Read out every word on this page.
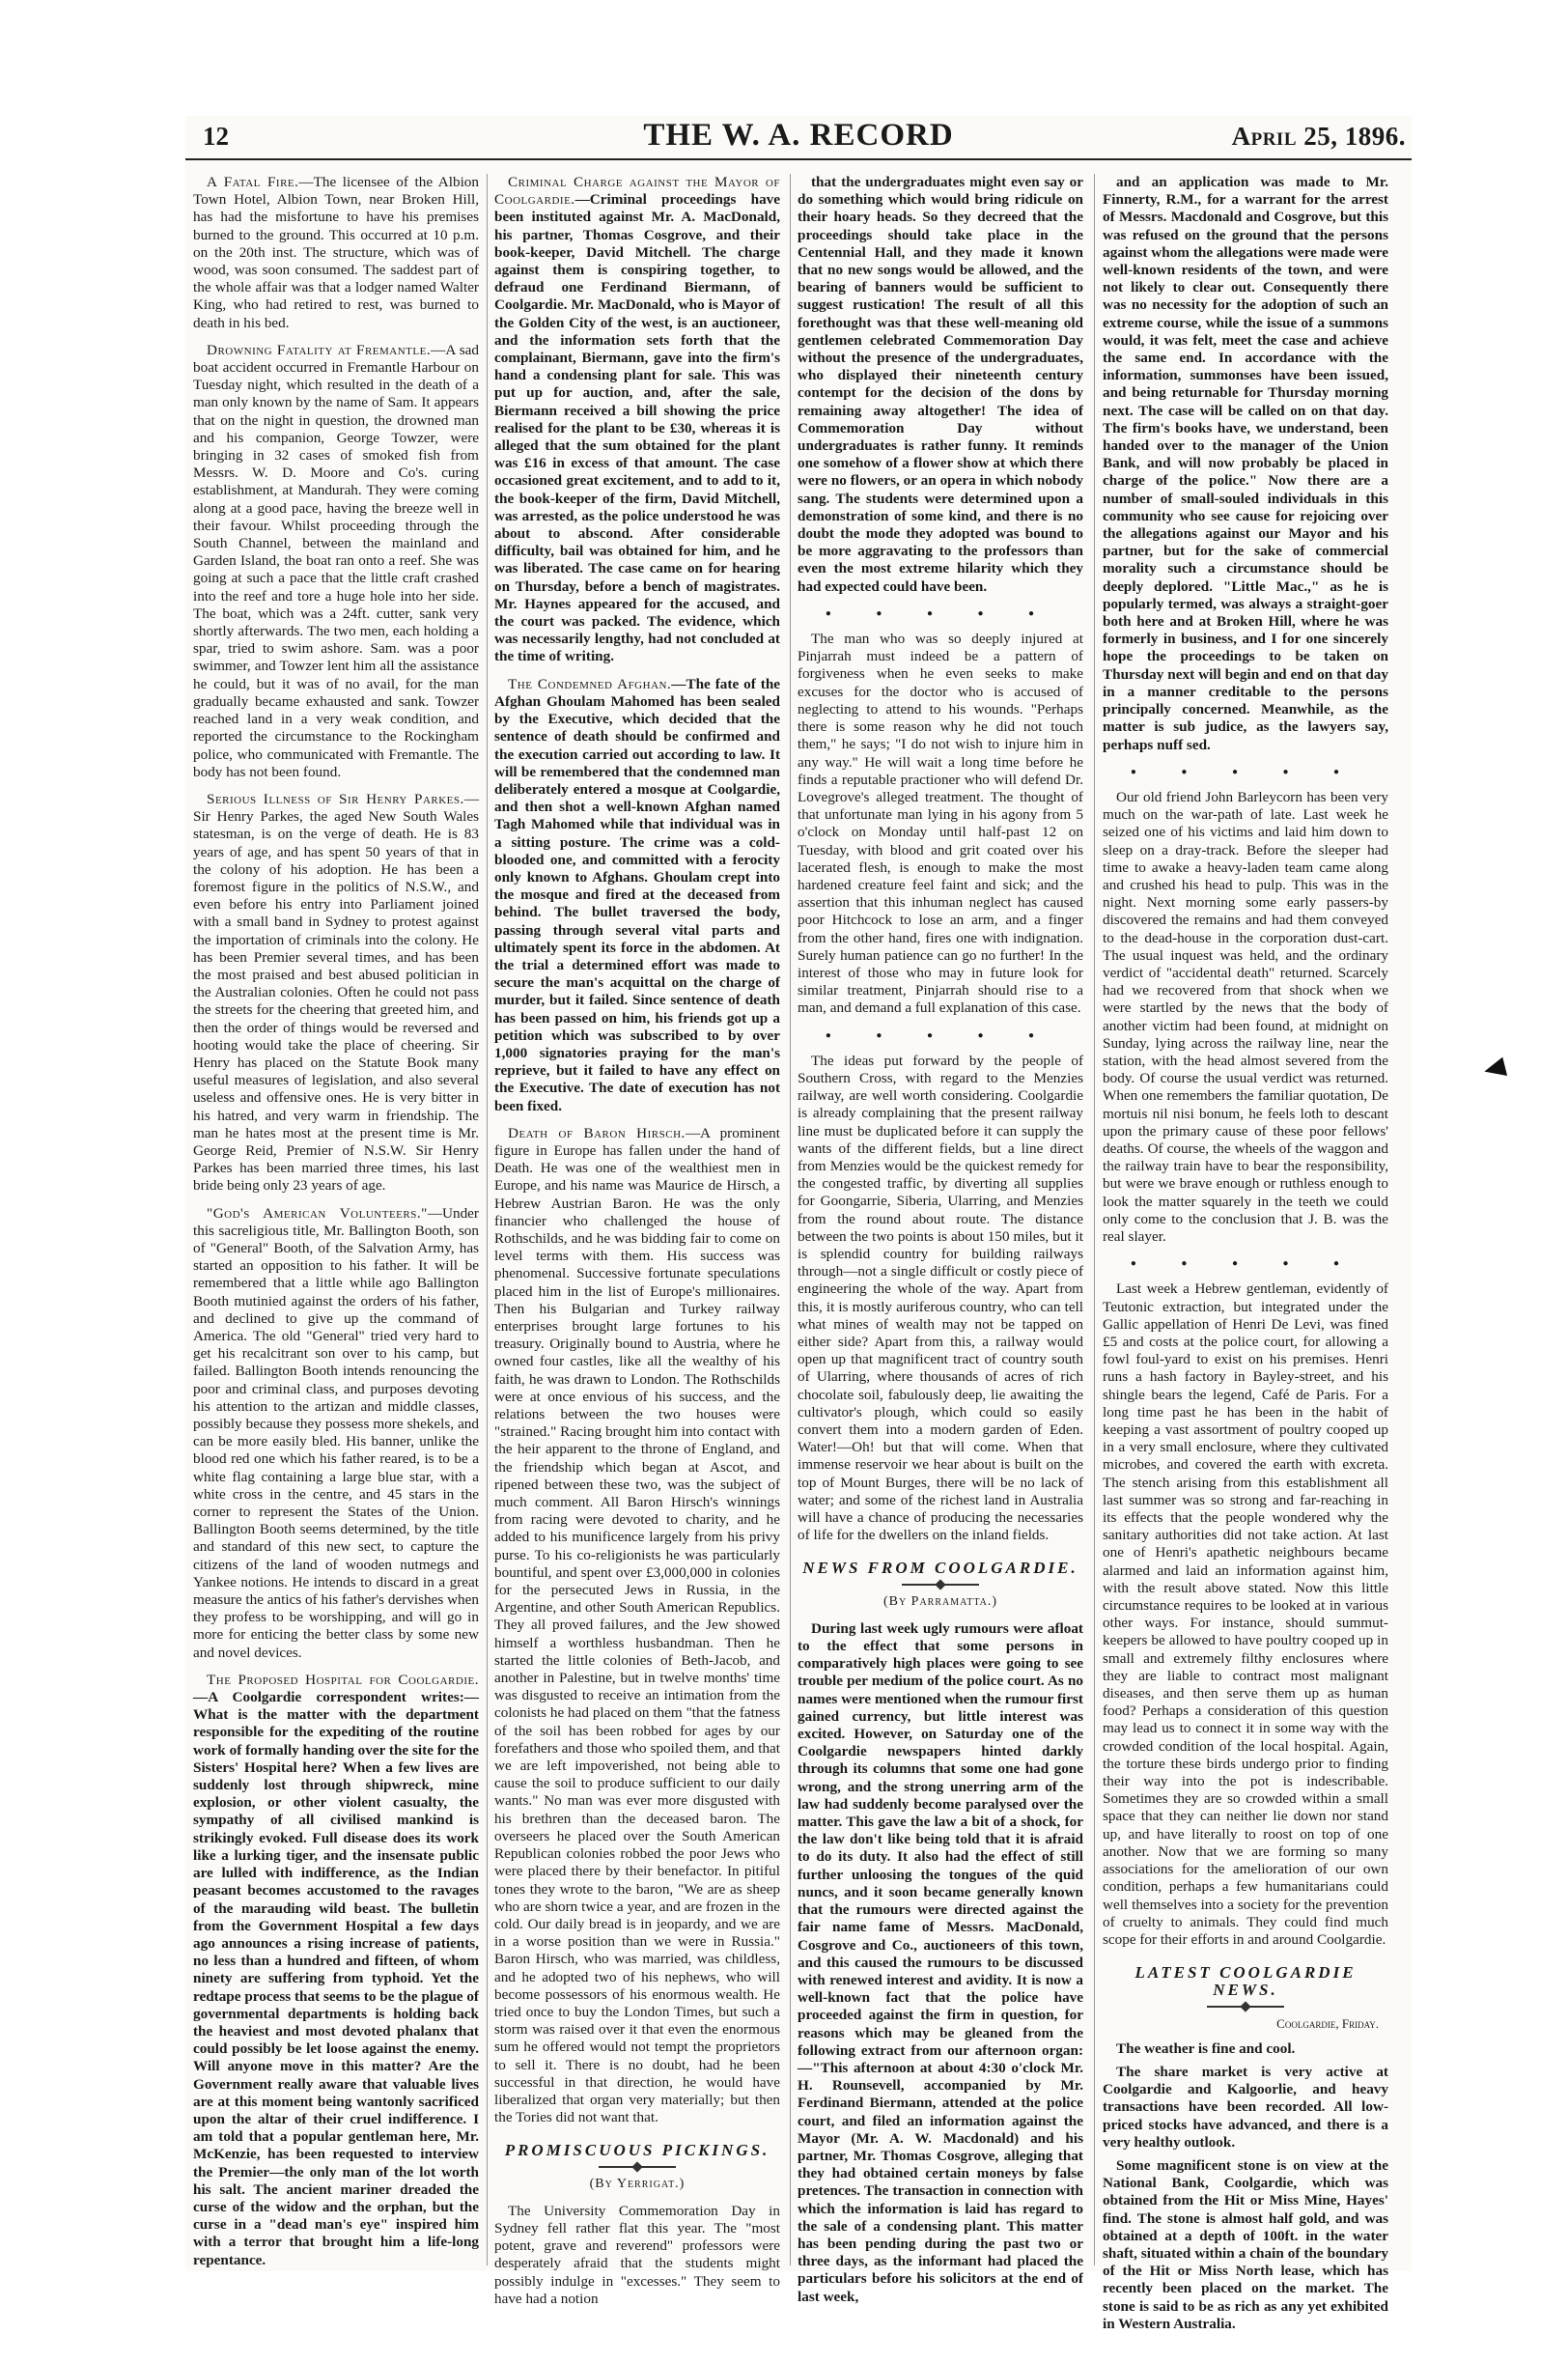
12	THE W. A. RECORD	April 25, 1896.

A Fatal Fire.—The licensee of the Albion Town Hotel, Albion Town, near Broken Hill, has had the misfortune to have his premises burned to the ground. This occurred at 10 p.m. on the 20th inst. The structure, which was of wood, was soon consumed. The saddest part of the whole affair was that a lodger named Walter King, who had retired to rest, was burned to death in his bed.

Drowning Fatality at Fremantle.—A sad boat accident occurred in Fremantle Harbour on Tuesday night, which resulted in the death of a man only known by the name of Sam. It appears that on the night in question, the drowned man and his companion, George Towzer, were bringing in 32 cases of smoked fish from Messrs. W. D. Moore and Co's. curing establishment, at Mandurah. They were coming along at a good pace, having the breeze well in their favour. Whilst proceeding through the South Channel, between the mainland and Garden Island, the boat ran onto a reef. She was going at such a pace that the little craft crashed into the reef and tore a huge hole into her side. The boat, which was a 24ft. cutter, sank very shortly afterwards. The two men, each holding a spar, tried to swim ashore. Sam. was a poor swimmer, and Towzer lent him all the assistance he could, but it was of no avail, for the man gradually became exhausted and sank. Towzer reached land in a very weak condition, and reported the circumstance to the Rockingham police, who communicated with Fremantle. The body has not been found.

Serious Illness of Sir Henry Parkes.—Sir Henry Parkes, the aged New South Wales statesman, is on the verge of death. He is 83 years of age, and has spent 50 years of that in the colony of his adoption. He has been a foremost figure in the politics of N.S.W., and even before his entry into Parliament joined with a small band in Sydney to protest against the importation of criminals into the colony. He has been Premier several times, and has been the most praised and best abused politician in the Australian colonies. Often he could not pass the streets for the cheering that greeted him, and then the order of things would be reversed and hooting would take the place of cheering. Sir Henry has placed on the Statute Book many useful measures of legislation, and also several useless and offensive ones. He is very bitter in his hatred, and very warm in friendship. The man he hates most at the present time is Mr. George Reid, Premier of N.S.W. Sir Henry Parkes has been married three times, his last bride being only 23 years of age.

"God's American Volunteers."—Under this sacreligious title, Mr. Ballington Booth, son of "General" Booth, of the Salvation Army, has started an opposition to his father. It will be remembered that a little while ago Ballington Booth mutinied against the orders of his father, and declined to give up the command of America. The old "General" tried very hard to get his recalcitrant son over to his camp, but failed. Ballington Booth intends renouncing the poor and criminal class, and purposes devoting his attention to the artizan and middle classes, possibly because they possess more shekels, and can be more easily bled. His banner, unlike the blood red one which his father reared, is to be a white flag containing a large blue star, with a white cross in the centre, and 45 stars in the corner to represent the States of the Union. Ballington Booth seems determined, by the title and standard of this new sect, to capture the citizens of the land of wooden nutmegs and Yankee notions. He intends to discard in a great measure the antics of his father's dervishes when they profess to be worshipping, and will go in more for enticing the better class by some new and novel devices.

The Proposed Hospital for Coolgardie.—A Coolgardie correspondent writes:—What is the matter with the department responsible for the expediting of the routine work of formally handing over the site for the Sisters' Hospital here? When a few lives are suddenly lost through shipwreck, mine explosion, or other violent casualty, the sympathy of all civilised mankind is strikingly evoked. Full disease does its work like a lurking tiger, and the insensate public are lulled with indifference, as the Indian peasant becomes accustomed to the ravages of the marauding wild beast. The bulletin from the Government Hospital a few days ago announces a rising increase of patients, no less than a hundred and fifteen, of whom ninety are suffering from typhoid. Yet the redtape process that seems to be the plague of governmental departments is holding back the heaviest and most devoted phalanx that could possibly be let loose against the enemy. Will anyone move in this matter? Are the Government really aware that valuable lives are at this moment being wantonly sacrificed upon the altar of their cruel indifference. I am told that a popular gentleman here, Mr. McKenzie, has been requested to interview the Premier—the only man of the lot worth his salt. The ancient mariner dreaded the curse of the widow and the orphan, but the curse in a "dead man's eye" inspired him with a terror that brought him a life-long repentance.

Criminal Charge against the Mayor of Coolgardie.—Criminal proceedings have been instituted against Mr. A. MacDonald, his partner, Thomas Cosgrove, and their book-keeper, David Mitchell. The charge against them is conspiring together, to defraud one Ferdinand Biermann, of Coolgardie. Mr. MacDonald, who is Mayor of the Golden City of the west, is an auctioneer, and the information sets forth that the complainant, Biermann, gave into the firm's hand a condensing plant for sale. This was put up for auction, and, after the sale, Biermann received a bill showing the price realised for the plant to be £30, whereas it is alleged that the sum obtained for the plant was £16 in excess of that amount. The case occasioned great excitement, and to add to it, the book-keeper of the firm, David Mitchell, was arrested, as the police understood he was about to abscond. After considerable difficulty, bail was obtained for him, and he was liberated. The case came on for hearing on Thursday, before a bench of magistrates. Mr. Haynes appeared for the accused, and the court was packed. The evidence, which was necessarily lengthy, had not concluded at the time of writing.

The Condemned Afghan.—The fate of the Afghan Ghoulam Mahomed has been sealed by the Executive, which decided that the sentence of death should be confirmed and the execution carried out according to law. It will be remembered that the condemned man deliberately entered a mosque at Coolgardie, and then shot a well-known Afghan named Tagh Mahomed while that individual was in a sitting posture. The crime was a cold-blooded one, and committed with a ferocity only known to Afghans. Ghoulam crept into the mosque and fired at the deceased from behind. The bullet traversed the body, passing through several vital parts and ultimately spent its force in the abdomen. At the trial a determined effort was made to secure the man's acquittal on the charge of murder, but it failed. Since sentence of death has been passed on him, his friends got up a petition which was subscribed to by over 1,000 signatories praying for the man's reprieve, but it failed to have any effect on the Executive. The date of execution has not been fixed.

Death of Baron Hirsch.—A prominent figure in Europe has fallen under the hand of Death. He was one of the wealthiest men in Europe, and his name was Maurice de Hirsch, a Hebrew Austrian Baron. He was the only financier who challenged the house of Rothschilds, and he was bidding fair to come on level terms with them. His success was phenomenal. Successive fortunate speculations placed him in the list of Europe's millionaires. Then his Bulgarian and Turkey railway enterprises brought large fortunes to his treasury. Originally bound to Austria, where he owned four castles, like all the wealthy of his faith, he was drawn to London. The Rothschilds were at once envious of his success, and the relations between the two houses were "strained." Racing brought him into contact with the heir apparent to the throne of England, and the friendship which began at Ascot, and ripened between these two, was the subject of much comment. All Baron Hirsch's winnings from racing were devoted to charity, and he added to his munificence largely from his privy purse. To his co-religionists he was particularly bountiful, and spent over £3,000,000 in colonies for the persecuted Jews in Russia, in the Argentine, and other South American Republics. They all proved failures, and the Jew showed himself a worthless husbandman. Then he started the little colonies of Beth-Jacob, and another in Palestine, but in twelve months' time was disgusted to receive an intimation from the colonists he had placed on them "that the fatness of the soil has been robbed for ages by our forefathers and those who spoiled them, and that we are left impoverished, not being able to cause the soil to produce sufficient to our daily wants." No man was ever more disgusted with his brethren than the deceased baron. The overseers he placed over the South American Republican colonies robbed the poor Jews who were placed there by their benefactor. In pitiful tones they wrote to the baron, "We are as sheep who are shorn twice a year, and are frozen in the cold. Our daily bread is in jeopardy, and we are in a worse position than we were in Russia." Baron Hirsch, who was married, was childless, and he adopted two of his nephews, who will become possessors of his enormous wealth. He tried once to buy the London Times, but such a storm was raised over it that even the enormous sum he offered would not tempt the proprietors to sell it. There is no doubt, had he been successful in that direction, he would have liberalized that organ very materially; but then the Tories did not want that.

PROMISCUOUS PICKINGS.
(By Yerrigat.)

The University Commemoration Day in Sydney fell rather flat this year. The "most potent, grave and reverend" professors were desperately afraid that the students might possibly indulge in "excesses." They seem to have had a notion

that the undergraduates might even say or do something which would bring ridicule on their hoary heads. So they decreed that the proceedings should take place in the Centennial Hall, and they made it known that no new songs would be allowed, and the bearing of banners would be sufficient to suggest rustication! The result of all this forethought was that these well-meaning old gentlemen celebrated Commemoration Day without the presence of the undergraduates, who displayed their nineteenth century contempt for the decision of the dons by remaining away altogether! The idea of Commemoration Day without undergraduates is rather funny. It reminds one somehow of a flower show at which there were no flowers, or an opera in which nobody sang. The students were determined upon a demonstration of some kind, and there is no doubt the mode they adopted was bound to be more aggravating to the professors than even the most extreme hilarity which they had expected could have been.

● ● ● ● ●

The man who was so deeply injured at Pinjarrah must indeed be a pattern of forgiveness when he even seeks to make excuses for the doctor who is accused of neglecting to attend to his wounds. "Perhaps there is some reason why he did not touch them," he says; "I do not wish to injure him in any way." He will wait a long time before he finds a reputable practioner who will defend Dr. Lovegrove's alleged treatment. The thought of that unfortunate man lying in his agony from 5 o'clock on Monday until half-past 12 on Tuesday, with blood and grit coated over his lacerated flesh, is enough to make the most hardened creature feel faint and sick; and the assertion that this inhuman neglect has caused poor Hitchcock to lose an arm, and a finger from the other hand, fires one with indignation. Surely human patience can go no further! In the interest of those who may in future look for similar treatment, Pinjarrah should rise to a man, and demand a full explanation of this case.

● ● ● ● ●

The ideas put forward by the people of Southern Cross, with regard to the Menzies railway, are well worth considering. Coolgardie is already complaining that the present railway line must be duplicated before it can supply the wants of the different fields, but a line direct from Menzies would be the quickest remedy for the congested traffic, by diverting all supplies for Goongarrie, Siberia, Ularring, and Menzies from the round about route. The distance between the two points is about 150 miles, but it is splendid country for building railways through—not a single difficult or costly piece of engineering the whole of the way. Apart from this, it is mostly auriferous country, who can tell what mines of wealth may not be tapped on either side? Apart from this, a railway would open up that magnificent tract of country south of Ularring, where thousands of acres of rich chocolate soil, fabulously deep, lie awaiting the cultivator's plough, which could so easily convert them into a modern garden of Eden. Water!—Oh! but that will come. When that immense reservoir we hear about is built on the top of Mount Burges, there will be no lack of water; and some of the richest land in Australia will have a chance of producing the necessaries of life for the dwellers on the inland fields.

NEWS FROM COOLGARDIE.
(By Parramatta.)

During last week ugly rumours were afloat to the effect that some persons in comparatively high places were going to see trouble per medium of the police court. As no names were mentioned when the rumour first gained currency, but little interest was excited. However, on Saturday one of the Coolgardie newspapers hinted darkly through its columns that some one had gone wrong, and the strong unerring arm of the law had suddenly become paralysed over the matter. This gave the law a bit of a shock, for the law don't like being told that it is afraid to do its duty. It also had the effect of still further unloosing the tongues of the quid nuncs, and it soon became generally known that the rumours were directed against the fair name fame of Messrs. MacDonald, Cosgrove and Co., auctioneers of this town, and this caused the rumours to be discussed with renewed interest and avidity. It is now a well-known fact that the police have proceeded against the firm in question, for reasons which may be gleaned from the following extract from our afternoon organ:—"This afternoon at about 4:30 o'clock Mr. H. Rounsevell, accompanied by Mr. Ferdinand Biermann, attended at the police court, and filed an information against the Mayor (Mr. A. W. Macdonald) and his partner, Mr. Thomas Cosgrove, alleging that they had obtained certain moneys by false pretences. The transaction in connection with which the information is laid has regard to the sale of a condensing plant. This matter has been pending during the past two or three days, as the informant had placed the particulars before his solicitors at the end of last week,

and an application was made to Mr. Finnerty, R.M., for a warrant for the arrest of Messrs. Macdonald and Cosgrove, but this was refused on the ground that the persons against whom the allegations were made were well-known residents of the town, and were not likely to clear out. Consequently there was no necessity for the adoption of such an extreme course, while the issue of a summons would, it was felt, meet the case and achieve the same end. In accordance with the information, summonses have been issued, and being returnable for Thursday morning next. The case will be called on on that day. The firm's books have, we understand, been handed over to the manager of the Union Bank, and will now probably be placed in charge of the police." Now there are a number of small-souled individuals in this community who see cause for rejoicing over the allegations against our Mayor and his partner, but for the sake of commercial morality such a circumstance should be deeply deplored. "Little Mac.," as he is popularly termed, was always a straight-goer both here and at Broken Hill, where he was formerly in business, and I for one sincerely hope the proceedings to be taken on Thursday next will begin and end on that day in a manner creditable to the persons principally concerned. Meanwhile, as the matter is sub judice, as the lawyers say, perhaps nuff sed.

● ● ● ● ●

Our old friend John Barleycorn has been very much on the war-path of late. Last week he seized one of his victims and laid him down to sleep on a dray-track. Before the sleeper had time to awake a heavy-laden team came along and crushed his head to pulp. This was in the night. Next morning some early passers-by discovered the remains and had them conveyed to the dead-house in the corporation dust-cart. The usual inquest was held, and the ordinary verdict of "accidental death" returned. Scarcely had we recovered from that shock when we were startled by the news that the body of another victim had been found, at midnight on Sunday, lying across the railway line, near the station, with the head almost severed from the body. Of course the usual verdict was returned. When one remembers the familiar quotation, De mortuis nil nisi bonum, he feels loth to descant upon the primary cause of these poor fellows' deaths. Of course, the wheels of the waggon and the railway train have to bear the responsibility, but were we brave enough or ruthless enough to look the matter squarely in the teeth we could only come to the conclusion that J. B. was the real slayer.

● ● ● ● ●

Last week a Hebrew gentleman, evidently of Teutonic extraction, but integrated under the Gallic appellation of Henri De Levi, was fined £5 and costs at the police court, for allowing a fowl foul-yard to exist on his premises. Henri runs a hash factory in Bayley-street, and his shingle bears the legend, Café de Paris. For a long time past he has been in the habit of keeping a vast assortment of poultry cooped up in a very small enclosure, where they cultivated microbes, and covered the earth with excreta. The stench arising from this establishment all last summer was so strong and far-reaching in its effects that the people wondered why the sanitary authorities did not take action. At last one of Henri's apathetic neighbours became alarmed and laid an information against him, with the result above stated. Now this little circumstance requires to be looked at in various other ways. For instance, should summut-keepers be allowed to have poultry cooped up in small and extremely filthy enclosures where they are liable to contract most malignant diseases, and then serve them up as human food? Perhaps a consideration of this question may lead us to connect it in some way with the crowded condition of the local hospital. Again, the torture these birds undergo prior to finding their way into the pot is indescribable. Sometimes they are so crowded within a small space that they can neither lie down nor stand up, and have literally to roost on top of one another. Now that we are forming so many associations for the amelioration of our own condition, perhaps a few humanitarians could well themselves into a society for the prevention of cruelty to animals. They could find much scope for their efforts in and around Coolgardie.

LATEST COOLGARDIE NEWS.
Coolgardie, Friday.

The weather is fine and cool.

The share market is very active at Coolgardie and Kalgoorlie, and heavy transactions have been recorded. All low-priced stocks have advanced, and there is a very healthy outlook.

Some magnificent stone is on view at the National Bank, Coolgardie, which was obtained from the Hit or Miss Mine, Hayes' find. The stone is almost half gold, and was obtained at a depth of 100ft. in the water shaft, situated within a chain of the boundary of the Hit or Miss North lease, which has recently been placed on the market. The stone is said to be as rich as any yet exhibited in Western Australia.
